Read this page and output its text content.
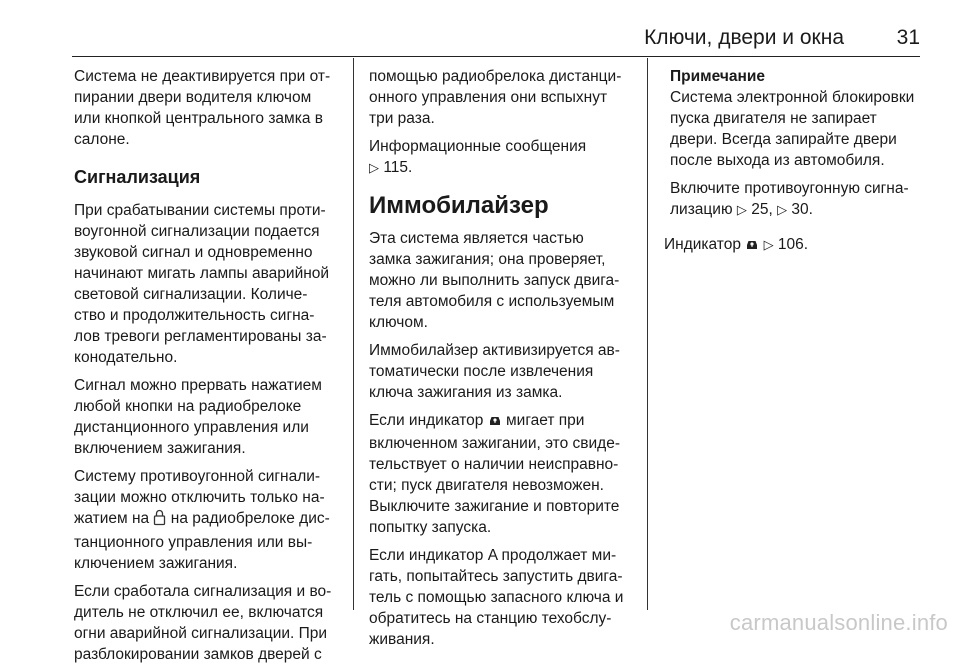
Ключи, двери и окна	31

Система не деактивируется при от-
пирании двери водителя ключом
или кнопкой центрального замка в
салоне.

Сигнализация

При срабатывании системы проти-
воугонной сигнализации подается
звуковой сигнал и одновременно
начинают мигать лампы аварийной
световой сигнализации. Количе-
ство и продолжительность сигна-
лов тревоги регламентированы за-
конодательно.

Сигнал можно прервать нажатием
любой кнопки на радиобрелоке
дистанционного управления или
включением зажигания.

Систему противоугонной сигнали-
зации можно отключить только на-
жатием на  на радиобрелоке дис-
танционного управления или вы-
ключением зажигания.

Если сработала сигнализация и во-
дитель не отключил ее, включатся
огни аварийной сигнализации. При
разблокировании замков дверей с

помощью радиобрелока дистанци-
онного управления они вспыхнут
три раза.

Информационные сообщения
▷ 115.

Иммобилайзер

Эта система является частью
замка зажигания; она проверяет,
можно ли выполнить запуск двига-
теля автомобиля с используемым
ключом.

Иммобилайзер активизируется ав-
томатически после извлечения
ключа зажигания из замка.

Если индикатор  мигает при
включенном зажигании, это свиде-
тельствует о наличии неисправно-
сти; пуск двигателя невозможен.
Выключите зажигание и повторите
попытку запуска.

Если индикатор A продолжает ми-
гать, попытайтесь запустить двига-
тель с помощью запасного ключа и
обратитесь на станцию техобслу-
живания.

Примечание

Система электронной блокировки
пуска двигателя не запирает
двери. Всегда запирайте двери
после выхода из автомобиля.

Включите противоугонную сигна-
лизацию ▷ 25, ▷ 30.

Индикатор  ▷ 106.

carmanualsonline.info
